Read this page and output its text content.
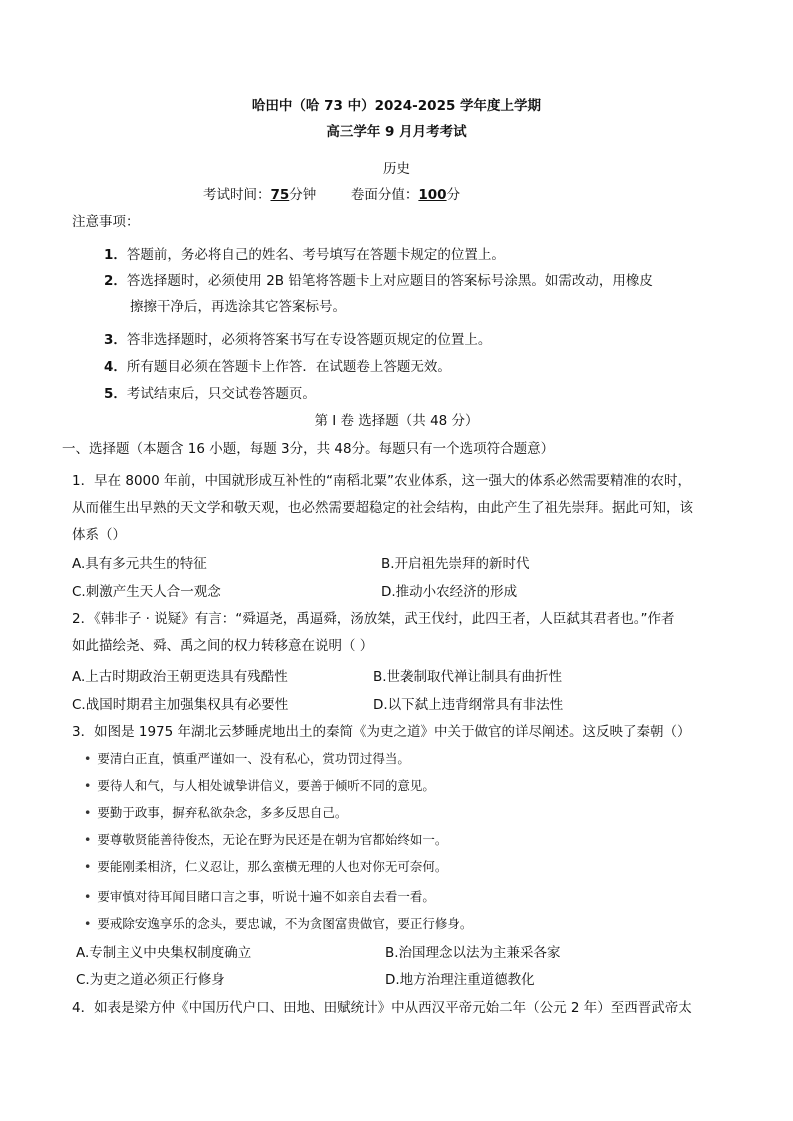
哈田中（哈 73 中）2024-2025 学年度上学期
高三学年 9 月月考考试
历史
考试时间：75分钟	卷面分值：100分
注意事项：
1．答题前，务必将自己的姓名、考号填写在答题卡规定的位置上。
2．答选择题时，必须使用 2B 铅笔将答题卡上对应题目的答案标号涂黑。如需改动，用橡皮
擦擦干净后，再选涂其它答案标号。
3．答非选择题时，必须将答案书写在专设答题页规定的位置上。
4．所有题目必须在答题卡上作答．在试题卷上答题无效。
5．考试结束后，只交试卷答题页。
第 I 卷 选择题（共 48 分）
一、选择题（本题含 16 小题，每题 3分，共 48分。每题只有一个选项符合题意）
1．早在 8000 年前，中国就形成互补性的“南稻北粟”农业体系，这一强大的体系必然需要精准的农时，
从而催生出早熟的天文学和敬天观，也必然需要超稳定的社会结构，由此产生了祖先崇拜。据此可知，该
体系（）
A.具有多元共生的特征	B.开启祖先崇拜的新时代
C.刺激产生天人合一观念	D.推动小农经济的形成
2．《韩非子 · 说疑》有言：“舜逼尧，禹逼舜，汤放桀，武王伐纣，此四王者，人臣弑其君者也。”作者
如此描绘尧、舜、禹之间的权力转移意在说明（ ）
A.上古时期政治王朝更迭具有残酷性	B.世袭制取代禅让制具有曲折性
C.战国时期君主加强集权具有必要性	D.以下弑上违背纲常具有非法性
3．如图是 1975 年湖北云梦睡虎地出土的秦简《为吏之道》中关于做官的详尽阐述。这反映了秦朝（）
• 要清白正直，慎重严谨如一、没有私心，赏功罚过得当。
• 要待人和气，与人相处诚挚讲信义，要善于倾听不同的意见。
• 要勤于政事，摒弃私欲杂念，多多反思自己。
• 要尊敬贤能善待俊杰，无论在野为民还是在朝为官都始终如一。
• 要能刚柔相济，仁义忍让，那么蛮横无理的人也对你无可奈何。
• 要审慎对待耳闻目睹口言之事，听说十遍不如亲自去看一看。
• 要戒除安逸享乐的念头，要忠诚，不为贪图富贵做官，要正行修身。
A.专制主义中央集权制度确立	B.治国理念以法为主兼采各家
C.为吏之道必须正行修身	D.地方治理注重道德教化
4．如表是梁方仲《中国历代户口、田地、田赋统计》中从西汉平帝元始二年（公元 2 年）至西晋武帝太
